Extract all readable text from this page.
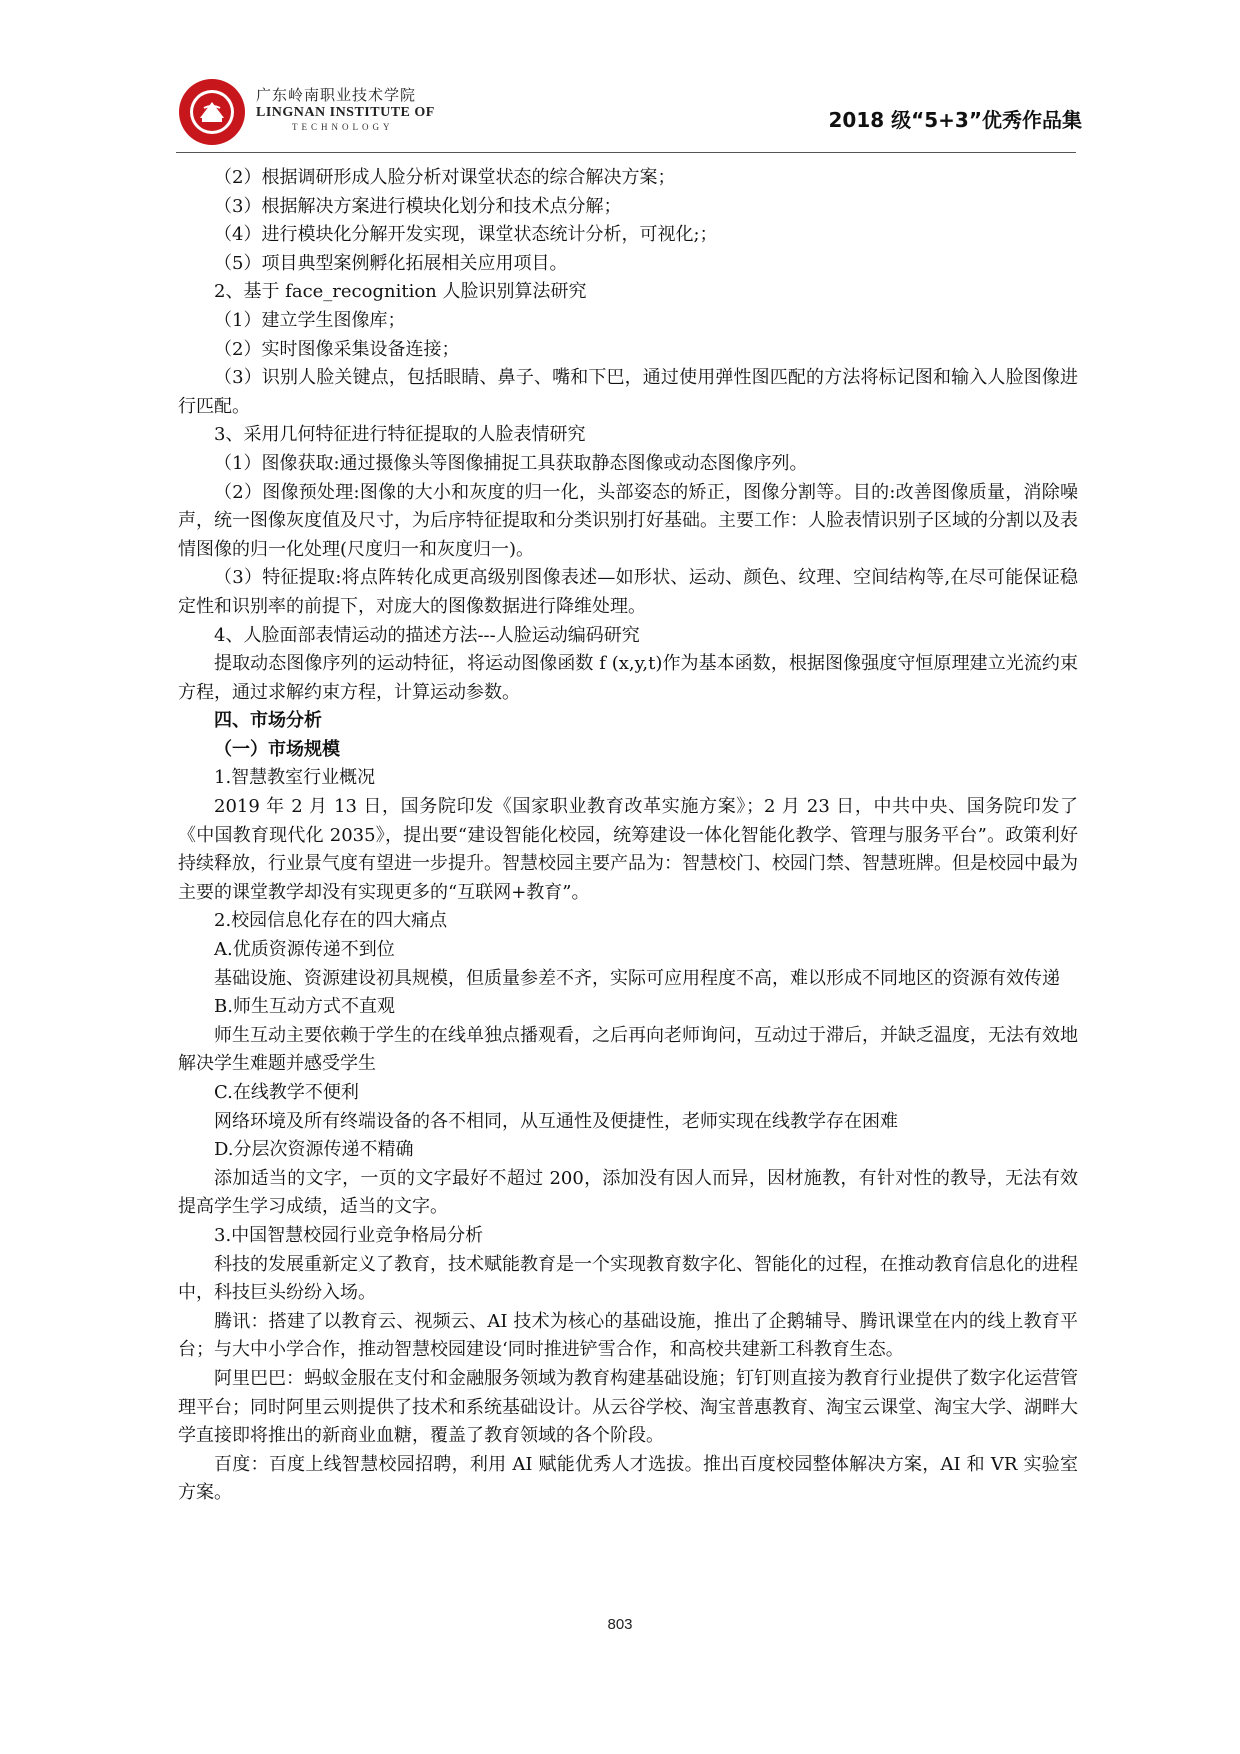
广东岭南职业技术学院
LINGNAN INSTITUTE OF
TECHNOLOGY	2018 级“5+3”优秀作品集

（2）根据调研形成人脸分析对课堂状态的综合解决方案；

（3）根据解决方案进行模块化划分和技术点分解；

（4）进行模块化分解开发实现，课堂状态统计分析，可视化;；

（5）项目典型案例孵化拓展相关应用项目。

2、基于 face_recognition 人脸识别算法研究

（1）建立学生图像库；

（2）实时图像采集设备连接；

（3）识别人脸关键点，包括眼睛、鼻子、嘴和下巴，通过使用弹性图匹配的方法将标记图和输入人脸图像进行匹配。

3、采用几何特征进行特征提取的人脸表情研究

（1）图像获取:通过摄像头等图像捕捉工具获取静态图像或动态图像序列。

（2）图像预处理:图像的大小和灰度的归一化，头部姿态的矫正，图像分割等。目的:改善图像质量，消除噪声，统一图像灰度值及尺寸，为后序特征提取和分类识别打好基础。主要工作：人脸表情识别子区域的分割以及表情图像的归一化处理(尺度归一和灰度归一)。

（3）特征提取:将点阵转化成更高级别图像表述—如形状、运动、颜色、纹理、空间结构等,在尽可能保证稳定性和识别率的前提下，对庞大的图像数据进行降维处理。

4、人脸面部表情运动的描述方法---人脸运动编码研究

提取动态图像序列的运动特征，将运动图像函数 f (x,y,t)作为基本函数，根据图像强度守恒原理建立光流约束方程，通过求解约束方程，计算运动参数。

四、市场分析

（一）市场规模

1.智慧教室行业概况

2019 年 2 月 13 日，国务院印发《国家职业教育改革实施方案》；2 月 23 日，中共中央、国务院印发了《中国教育现代化 2035》，提出要“建设智能化校园，统筹建设一体化智能化教学、管理与服务平台”。政策利好持续释放，行业景气度有望进一步提升。智慧校园主要产品为：智慧校门、校园门禁、智慧班牌。但是校园中最为主要的课堂教学却没有实现更多的“互联网+教育”。

2.校园信息化存在的四大痛点

A.优质资源传递不到位

基础设施、资源建设初具规模，但质量参差不齐，实际可应用程度不高，难以形成不同地区的资源有效传递

B.师生互动方式不直观

师生互动主要依赖于学生的在线单独点播观看，之后再向老师询问，互动过于滞后，并缺乏温度，无法有效地解决学生难题并感受学生

C.在线教学不便利

网络环境及所有终端设备的各不相同，从互通性及便捷性，老师实现在线教学存在困难

D.分层次资源传递不精确

添加适当的文字，一页的文字最好不超过 200，添加没有因人而异，因材施教，有针对性的教导，无法有效提高学生学习成绩，适当的文字。

3.中国智慧校园行业竞争格局分析

科技的发展重新定义了教育，技术赋能教育是一个实现教育数字化、智能化的过程，在推动教育信息化的进程中，科技巨头纷纷入场。

腾讯：搭建了以教育云、视频云、AI 技术为核心的基础设施，推出了企鹅辅导、腾讯课堂在内的线上教育平台；与大中小学合作，推动智慧校园建设‘同时推进铲雪合作，和高校共建新工科教育生态。

阿里巴巴：蚂蚁金服在支付和金融服务领域为教育构建基础设施；钉钉则直接为教育行业提供了数字化运营管理平台；同时阿里云则提供了技术和系统基础设计。从云谷学校、淘宝普惠教育、淘宝云课堂、淘宝大学、湖畔大学直接即将推出的新商业血糖，覆盖了教育领域的各个阶段。

百度：百度上线智慧校园招聘，利用 AI 赋能优秀人才选拔。推出百度校园整体解决方案，AI 和 VR 实验室方案。

803
